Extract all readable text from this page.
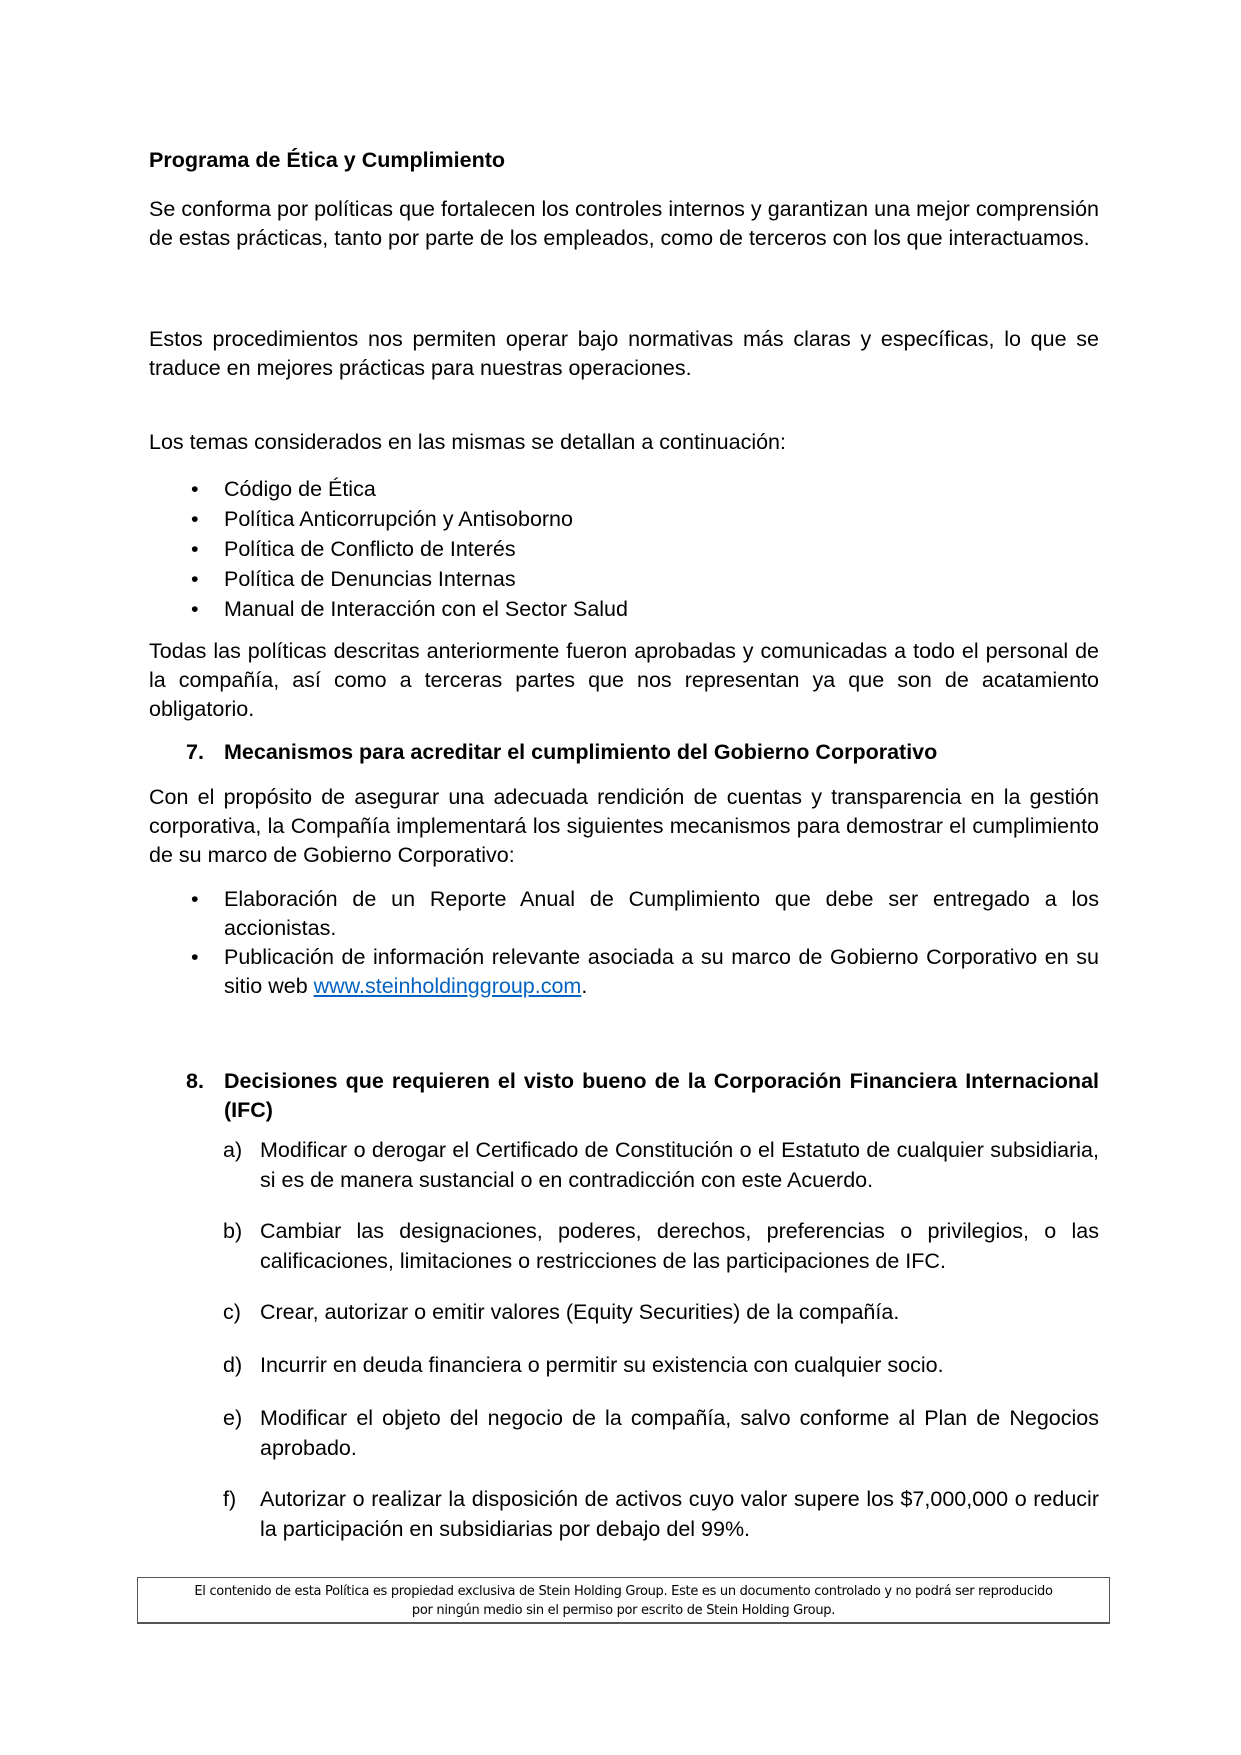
Programa de Ética y Cumplimiento

Se conforma por políticas que fortalecen los controles internos y garantizan una mejor comprensión de estas prácticas, tanto por parte de los empleados, como de terceros con los que interactuamos.

Estos procedimientos nos permiten operar bajo normativas más claras y específicas, lo que se traduce en mejores prácticas para nuestras operaciones.

Los temas considerados en las mismas se detallan a continuación:

• Código de Ética
• Política Anticorrupción y Antisoborno
• Política de Conflicto de Interés
• Política de Denuncias Internas
• Manual de Interacción con el Sector Salud

Todas las políticas descritas anteriormente fueron aprobadas y comunicadas a todo el personal de la compañía, así como a terceras partes que nos representan ya que son de acatamiento obligatorio.

7. Mecanismos para acreditar el cumplimiento del Gobierno Corporativo

Con el propósito de asegurar una adecuada rendición de cuentas y transparencia en la gestión corporativa, la Compañía implementará los siguientes mecanismos para demostrar el cumplimiento de su marco de Gobierno Corporativo:

• Elaboración de un Reporte Anual de Cumplimiento que debe ser entregado a los accionistas.
• Publicación de información relevante asociada a su marco de Gobierno Corporativo en su sitio web www.steinholdinggroup.com.
8. Decisiones que requieren el visto bueno de la Corporación Financiera Internacional (IFC)
a) Modificar o derogar el Certificado de Constitución o el Estatuto de cualquier subsidiaria, si es de manera sustancial o en contradicción con este Acuerdo.
b) Cambiar las designaciones, poderes, derechos, preferencias o privilegios, o las calificaciones, limitaciones o restricciones de las participaciones de IFC.
c) Crear, autorizar o emitir valores (Equity Securities) de la compañía.
d) Incurrir en deuda financiera o permitir su existencia con cualquier socio.
e) Modificar el objeto del negocio de la compañía, salvo conforme al Plan de Negocios aprobado.
f) Autorizar o realizar la disposición de activos cuyo valor supere los $7,000,000 o reducir la participación en subsidiarias por debajo del 99%.
El contenido de esta Política es propiedad exclusiva de Stein Holding Group. Este es un documento controlado y no podrá ser reproducido
por ningún medio sin el permiso por escrito de Stein Holding Group.
